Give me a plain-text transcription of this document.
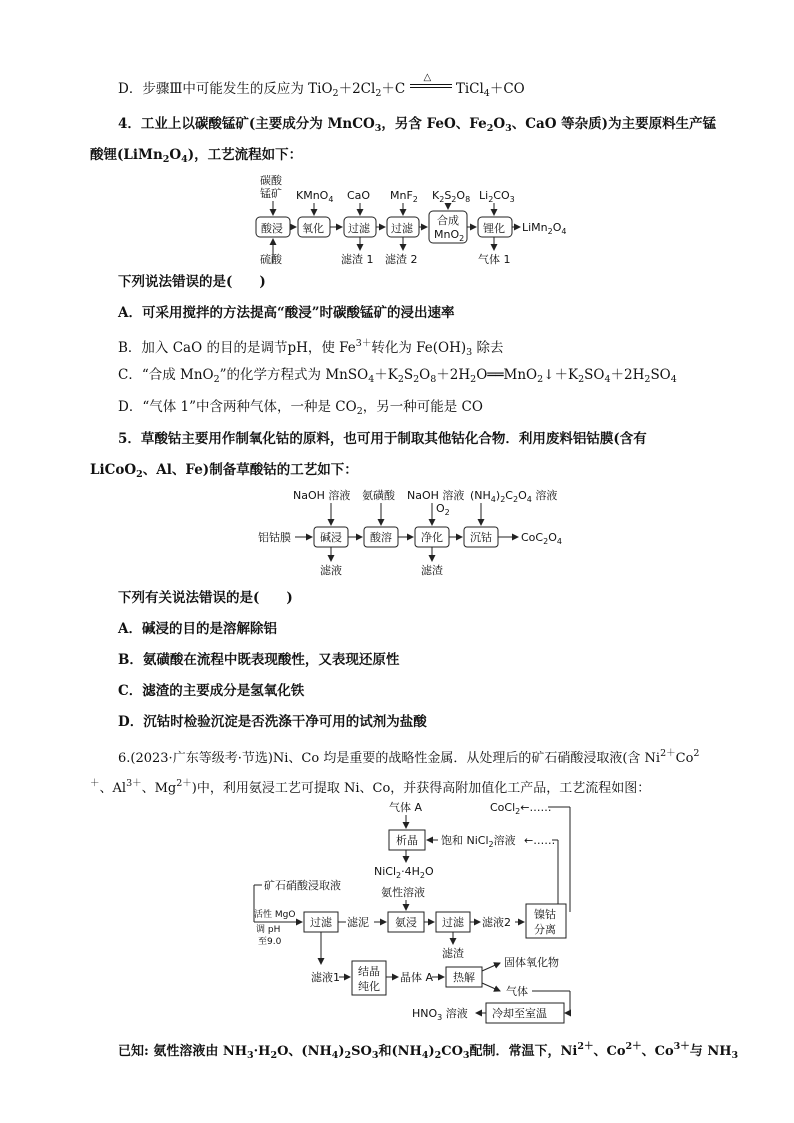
D．步骤Ⅲ中可能发生的反应为 $TiO_2+2Cl_2+C$
△
TiCl$_4$＋CO
4．工业上以碳酸锰矿(主要成分为 MnCO$_3$，另含 FeO、$Fe_2O_3$、CaO 等杂质)为主要原料生产锰
酸锂$(LiMn_2O_4)$，工艺流程如下：
碳酸
锰矿
酸浸
硫酸
KMnO$_4$
氧化
CaO
过滤
滤渣 1
MnF$_2$
过滤
滤渣 2
$K_2S_2O_8$
合成
MnO$_2$
$Li_2CO_3$
锂化
气体 1
$LiMn_2O_4$
NaOH 溶液 氨磺酸 NaOH 溶液
$O_2$
$(NH_4)_2C_2O_4$ 溶液
铝钴膜	碱浸	酸溶	净化 沉钴	$CoC_2O_4$
滤液	滤渣
气体 A	CoCl$_2$←……
析晶 饱和 NiCl$_2$溶液 ←……
$NiCl_2\cdot 4H_2O$
矿石硝酸浸取液
活性 MgO
调 pH
至9.0
过滤 滤泥
氨性溶液
氨浸 过滤 滤液2
镍钴
分离
滤渣
滤液1 结晶
纯化
晶体 A 热解
固体氧化物
气体
冷却至室温
$HNO_3$ 溶液
下列说法错误的是(　　)
A．可采用搅拌的方法提高“酸浸”时碳酸锰矿的浸出速率
B．加入 CaO 的目的是调节pH，使 $Fe^{3+}$转化为 $Fe(OH)_3$ 除去
C．“合成 MnO$_2$”的化学方程式为 $MnSO_4+K_2S_2O_8+2H_2O══MnO_2↓+K_2SO_4+2H_2SO_4$
D．“气体 1”中含两种气体，一种是 $CO_2$，另一种可能是 CO
5．草酸钴主要用作制氧化钴的原料，也可用于制取其他钴化合物．利用废料铝钴膜(含有
LiCoO$_2$、Al、Fe)制备草酸钴的工艺如下：
下列有关说法错误的是(　　)
A．碱浸的目的是溶解除铝
B．氨磺酸在流程中既表现酸性，又表现还原性
C．滤渣的主要成分是氢氧化铁
D．沉钴时检验沉淀是否洗涤干净可用的试剂为盐酸
6.(2023·广东等级考·节选)Ni、Co 均是重要的战略性金属．从处理后的矿石硝酸浸取液(含 $Ni^{2+}Co^2$
＋、$Al^{3+}$、$Mg^{2+}$)中，利用氨浸工艺可提取 Ni、Co，并获得高附加值化工产品，工艺流程如图：
已知: 氨性溶液由 $NH_3\cdot H_2O$、$(NH_4)_2SO_3$和$(NH_4)_2CO_3$配制．常温下，$Ni^{2+}$、$Co^{2+}$、$Co^{3+}$与 $NH_3$
